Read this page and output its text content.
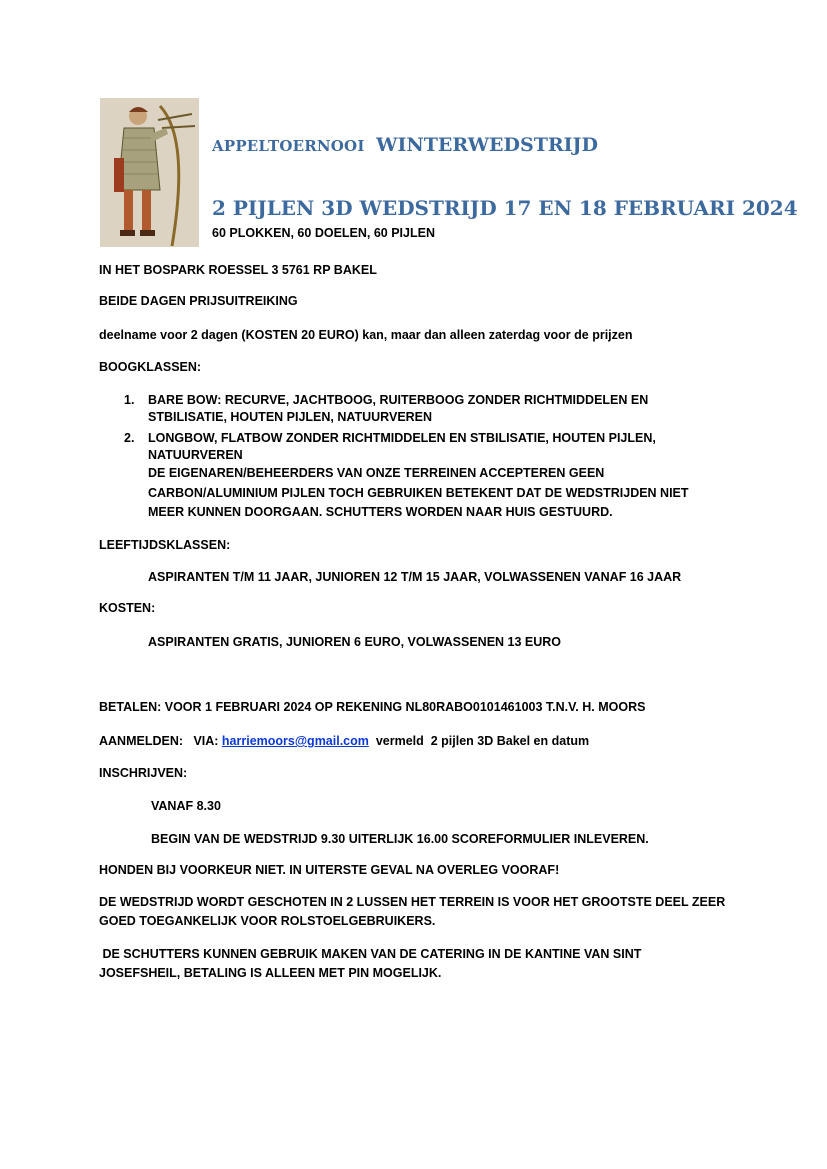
APPELTOERNOOI WINTERWEDSTRIJD
2 PIJLEN 3D WEDSTRIJD 17 EN 18 FEBRUARI 2024
60 PLOKKEN, 60 DOELEN, 60 PIJLEN
IN HET BOSPARK ROESSEL 3 5761 RP BAKEL
BEIDE DAGEN PRIJSUITREIKING
deelname voor 2 dagen (KOSTEN 20 EURO) kan, maar dan alleen zaterdag voor de prijzen
BOOGKLASSEN:
1. BARE BOW: RECURVE, JACHTBOOG, RUITERBOOG ZONDER RICHTMIDDELEN EN
STBILISATIE, HOUTEN PIJLEN, NATUURVEREN
2. LONGBOW, FLATBOW ZONDER RICHTMIDDELEN EN STBILISATIE, HOUTEN PIJLEN,
NATUURVEREN
DE EIGENAREN/BEHEERDERS VAN ONZE TERREINEN ACCEPTEREN GEEN
CARBON/ALUMINIUM PIJLEN TOCH GEBRUIKEN BETEKENT DAT DE WEDSTRIJDEN NIET
MEER KUNNEN DOORGAAN. SCHUTTERS WORDEN NAAR HUIS GESTUURD.
LEEFTIJDSKLASSEN:
ASPIRANTEN T/M 11 JAAR, JUNIOREN 12 T/M 15 JAAR, VOLWASSENEN VANAF 16 JAAR
KOSTEN:
ASPIRANTEN GRATIS, JUNIOREN 6 EURO, VOLWASSENEN 13 EURO
BETALEN: VOOR 1 FEBRUARI 2024 OP REKENING NL80RABO0101461003 T.N.V. H. MOORS
AANMELDEN:   VIA: harriemoors@gmail.com  vermeld  2 pijlen 3D Bakel en datum
INSCHRIJVEN:
VANAF 8.30
BEGIN VAN DE WEDSTRIJD 9.30 UITERLIJK 16.00 SCOREFORMULIER INLEVEREN.
HONDEN BIJ VOORKEUR NIET. IN UITERSTE GEVAL NA OVERLEG VOORAF!
DE WEDSTRIJD WORDT GESCHOTEN IN 2 LUSSEN HET TERREIN IS VOOR HET GROOTSTE DEEL ZEER
GOED TOEGANKELIJK VOOR ROLSTOELGEBRUIKERS.
DE SCHUTTERS KUNNEN GEBRUIK MAKEN VAN DE CATERING IN DE KANTINE VAN SINT
JOSEFSHEIL, BETALING IS ALLEEN MET PIN MOGELIJK.
